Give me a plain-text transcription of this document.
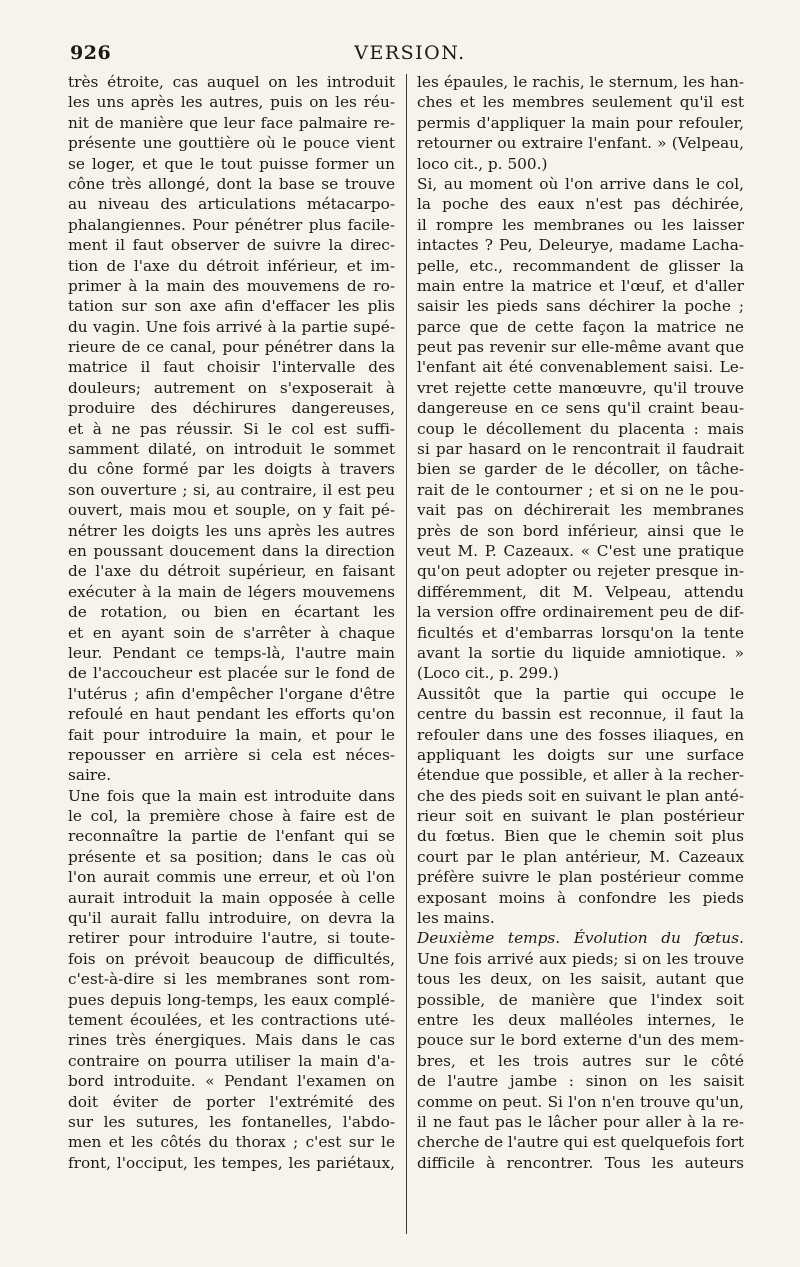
926	VERSION.
très étroite, cas auquel on les introduit
les uns après les autres, puis on les réu-
nit de manière que leur face palmaire re-
présente une gouttière où le pouce vient
se loger, et que le tout puisse former un
cône très allongé, dont la base se trouve
au niveau des articulations métacarpo-
phalangiennes. Pour pénétrer plus facile-
ment il faut observer de suivre la direc-
tion de l'axe du détroit inférieur, et im-
primer à la main des mouvemens de ro-
tation sur son axe afin d'effacer les plis
du vagin. Une fois arrivé à la partie supé-
rieure de ce canal, pour pénétrer dans la
matrice il faut choisir l'intervalle des
douleurs; autrement on s'exposerait à
produire des déchirures dangereuses,
et à ne pas réussir. Si le col est suffi-
samment dilaté, on introduit le sommet
du cône formé par les doigts à travers
son ouverture ; si, au contraire, il est peu
ouvert, mais mou et souple, on y fait pé-
nétrer les doigts les uns après les autres
en poussant doucement dans la direction
de l'axe du détroit supérieur, en faisant
exécuter à la main de légers mouvemens
de rotation, ou bien en écartant les
et en ayant soin de s'arrêter à chaque
leur. Pendant ce temps-là, l'autre main
de l'accoucheur est placée sur le fond de
l'utérus ; afin d'empêcher l'organe d'être
refoulé en haut pendant les efforts qu'on
fait pour introduire la main, et pour le
repousser en arrière si cela est néces-
saire.
Une fois que la main est introduite dans
le col, la première chose à faire est de
reconnaître la partie de l'enfant qui se
présente et sa position; dans le cas où
l'on aurait commis une erreur, et où l'on
aurait introduit la main opposée à celle
qu'il aurait fallu introduire, on devra la
retirer pour introduire l'autre, si toute-
fois on prévoit beaucoup de difficultés,
c'est-à-dire si les membranes sont rom-
pues depuis long-temps, les eaux complé-
tement écoulées, et les contractions uté-
rines très énergiques. Mais dans le cas
contraire on pourra utiliser la main d'a-
bord introduite. « Pendant l'examen on
doit éviter de porter l'extrémité des
sur les sutures, les fontanelles, l'abdo-
men et les côtés du thorax ; c'est sur le
front, l'occiput, les tempes, les pariétaux,
les épaules, le rachis, le sternum, les han-
ches et les membres seulement qu'il est
permis d'appliquer la main pour refouler,
retourner ou extraire l'enfant. » (Velpeau,
loco cit., p. 500.)
Si, au moment où l'on arrive dans le col,
la poche des eaux n'est pas déchirée,
il rompre les membranes ou les laisser
intactes ? Peu, Deleurye, madame Lacha-
pelle, etc., recommandent de glisser la
main entre la matrice et l'œuf, et d'aller
saisir les pieds sans déchirer la poche ;
parce que de cette façon la matrice ne
peut pas revenir sur elle-même avant que
l'enfant ait été convenablement saisi. Le-
vret rejette cette manœuvre, qu'il trouve
dangereuse en ce sens qu'il craint beau-
coup le décollement du placenta : mais
si par hasard on le rencontrait il faudrait
bien se garder de le décoller, on tâche-
rait de le contourner ; et si on ne le pou-
vait pas on déchirerait les membranes
près de son bord inférieur, ainsi que le
veut M. P. Cazeaux. « C'est une pratique
qu'on peut adopter ou rejeter presque in-
différemment, dit M. Velpeau, attendu
la version offre ordinairement peu de dif-
ficultés et d'embarras lorsqu'on la tente
avant la sortie du liquide amniotique. »
(Loco cit., p. 299.)
Aussitôt que la partie qui occupe le
centre du bassin est reconnue, il faut la
refouler dans une des fosses iliaques, en
appliquant les doigts sur une surface
étendue que possible, et aller à la recher-
che des pieds soit en suivant le plan anté-
rieur soit en suivant le plan postérieur
du fœtus. Bien que le chemin soit plus
court par le plan antérieur, M. Cazeaux
préfère suivre le plan postérieur comme
exposant moins à confondre les pieds
les mains.
Deuxième temps. Évolution du fœtus.
Une fois arrivé aux pieds; si on les trouve
tous les deux, on les saisit, autant que
possible, de manière que l'index soit
entre les deux malléoles internes, le
pouce sur le bord externe d'un des mem-
bres, et les trois autres sur le côté
de l'autre jambe : sinon on les saisit
comme on peut. Si l'on n'en trouve qu'un,
il ne faut pas le lâcher pour aller à la re-
cherche de l'autre qui est quelquefois fort
difficile à rencontrer. Tous les auteurs
